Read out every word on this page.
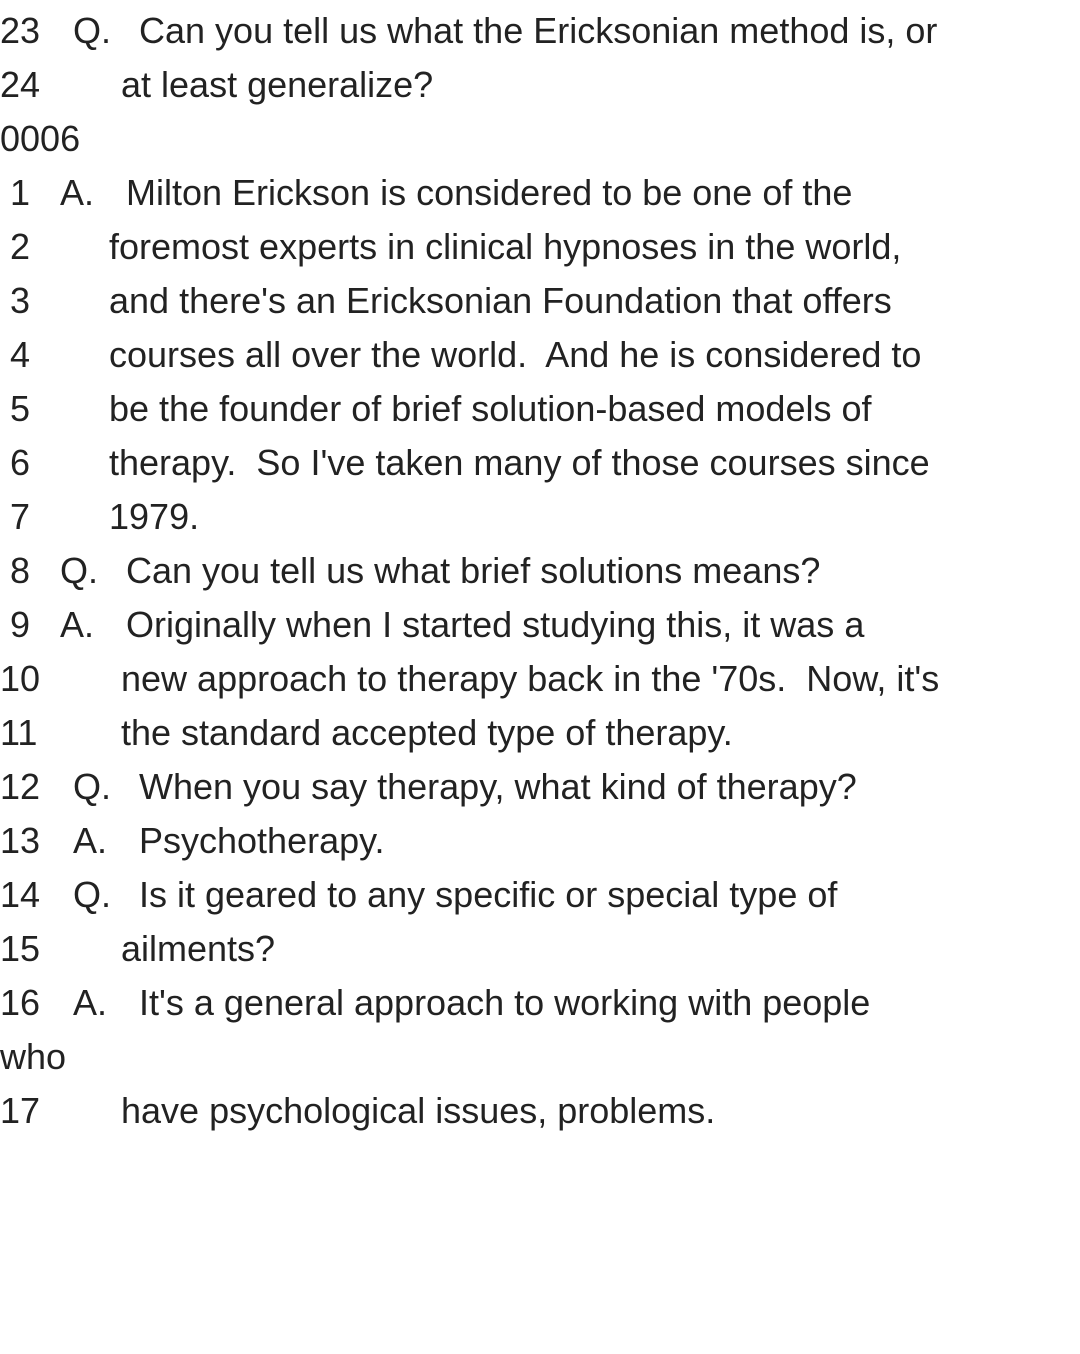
23

Q.

Can you tell us what the Ericksonian method is, or

24

at least generalize?

0006

1

A.

Milton Erickson is considered to be one of the

2

foremost experts in clinical hypnoses in the world,

3

and there's an Ericksonian Foundation that offers

4

courses all over the world.  And he is considered to

5

be the founder of brief solution-based models of

6

therapy.  So I've taken many of those courses since

7

1979.

8

Q.

Can you tell us what brief solutions means?

9

A.

Originally when I started studying this, it was a

10

new approach to therapy back in the '70s.  Now, it's

11

the standard accepted type of therapy.

12

Q.

When you say therapy, what kind of therapy?

13

A.

Psychotherapy.

14

Q.

Is it geared to any specific or special type of

15

ailments?

16

A.

It's a general approach to working with people

who

17

have psychological issues, problems.
